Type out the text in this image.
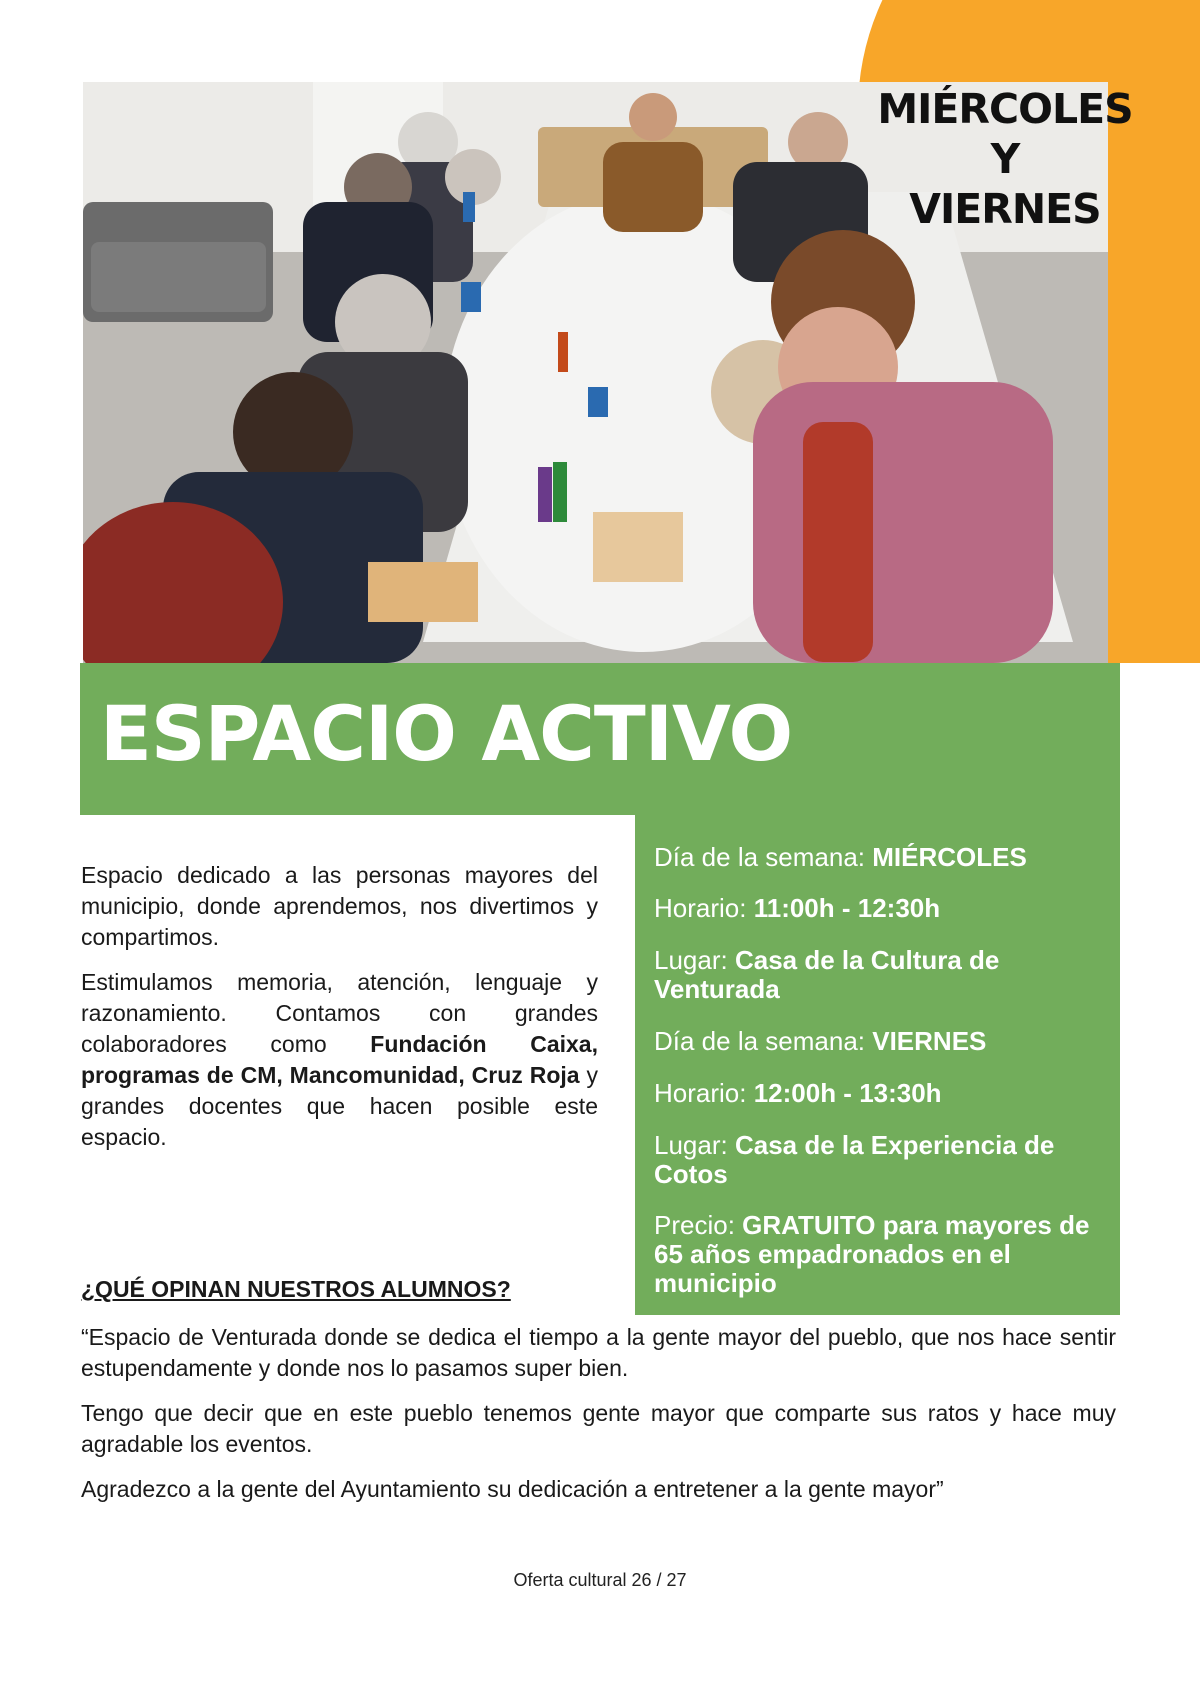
MIÉRCOLES
Y
VIERNES
ESPACIO ACTIVO
Día de la semana: MIÉRCOLES
Horario: 11:00h - 12:30h
Lugar: Casa de la Cultura de Venturada
Día de la semana: VIERNES
Horario: 12:00h - 13:30h
Lugar: Casa de la Experiencia de Cotos
Precio: GRATUITO para mayores de 65 años empadronados en el municipio

Espacio dedicado a las personas mayores del municipio, donde aprendemos, nos divertimos y compartimos.

Estimulamos memoria, atención, lenguaje y razonamiento. Contamos con grandes colaboradores como Fundación Caixa, programas de CM, Mancomunidad, Cruz Roja y grandes docentes que hacen posible este espacio.

¿QUÉ OPINAN NUESTROS ALUMNOS?

“Espacio de Venturada donde se dedica el tiempo a la gente mayor del pueblo, que nos hace sentir estupendamente y donde nos lo pasamos super bien.

Tengo que decir que en este pueblo tenemos gente mayor que comparte sus ratos y hace muy agradable los eventos.

Agradezco a la gente del Ayuntamiento su dedicación a entretener a la gente mayor”

Oferta cultural 26 / 27
